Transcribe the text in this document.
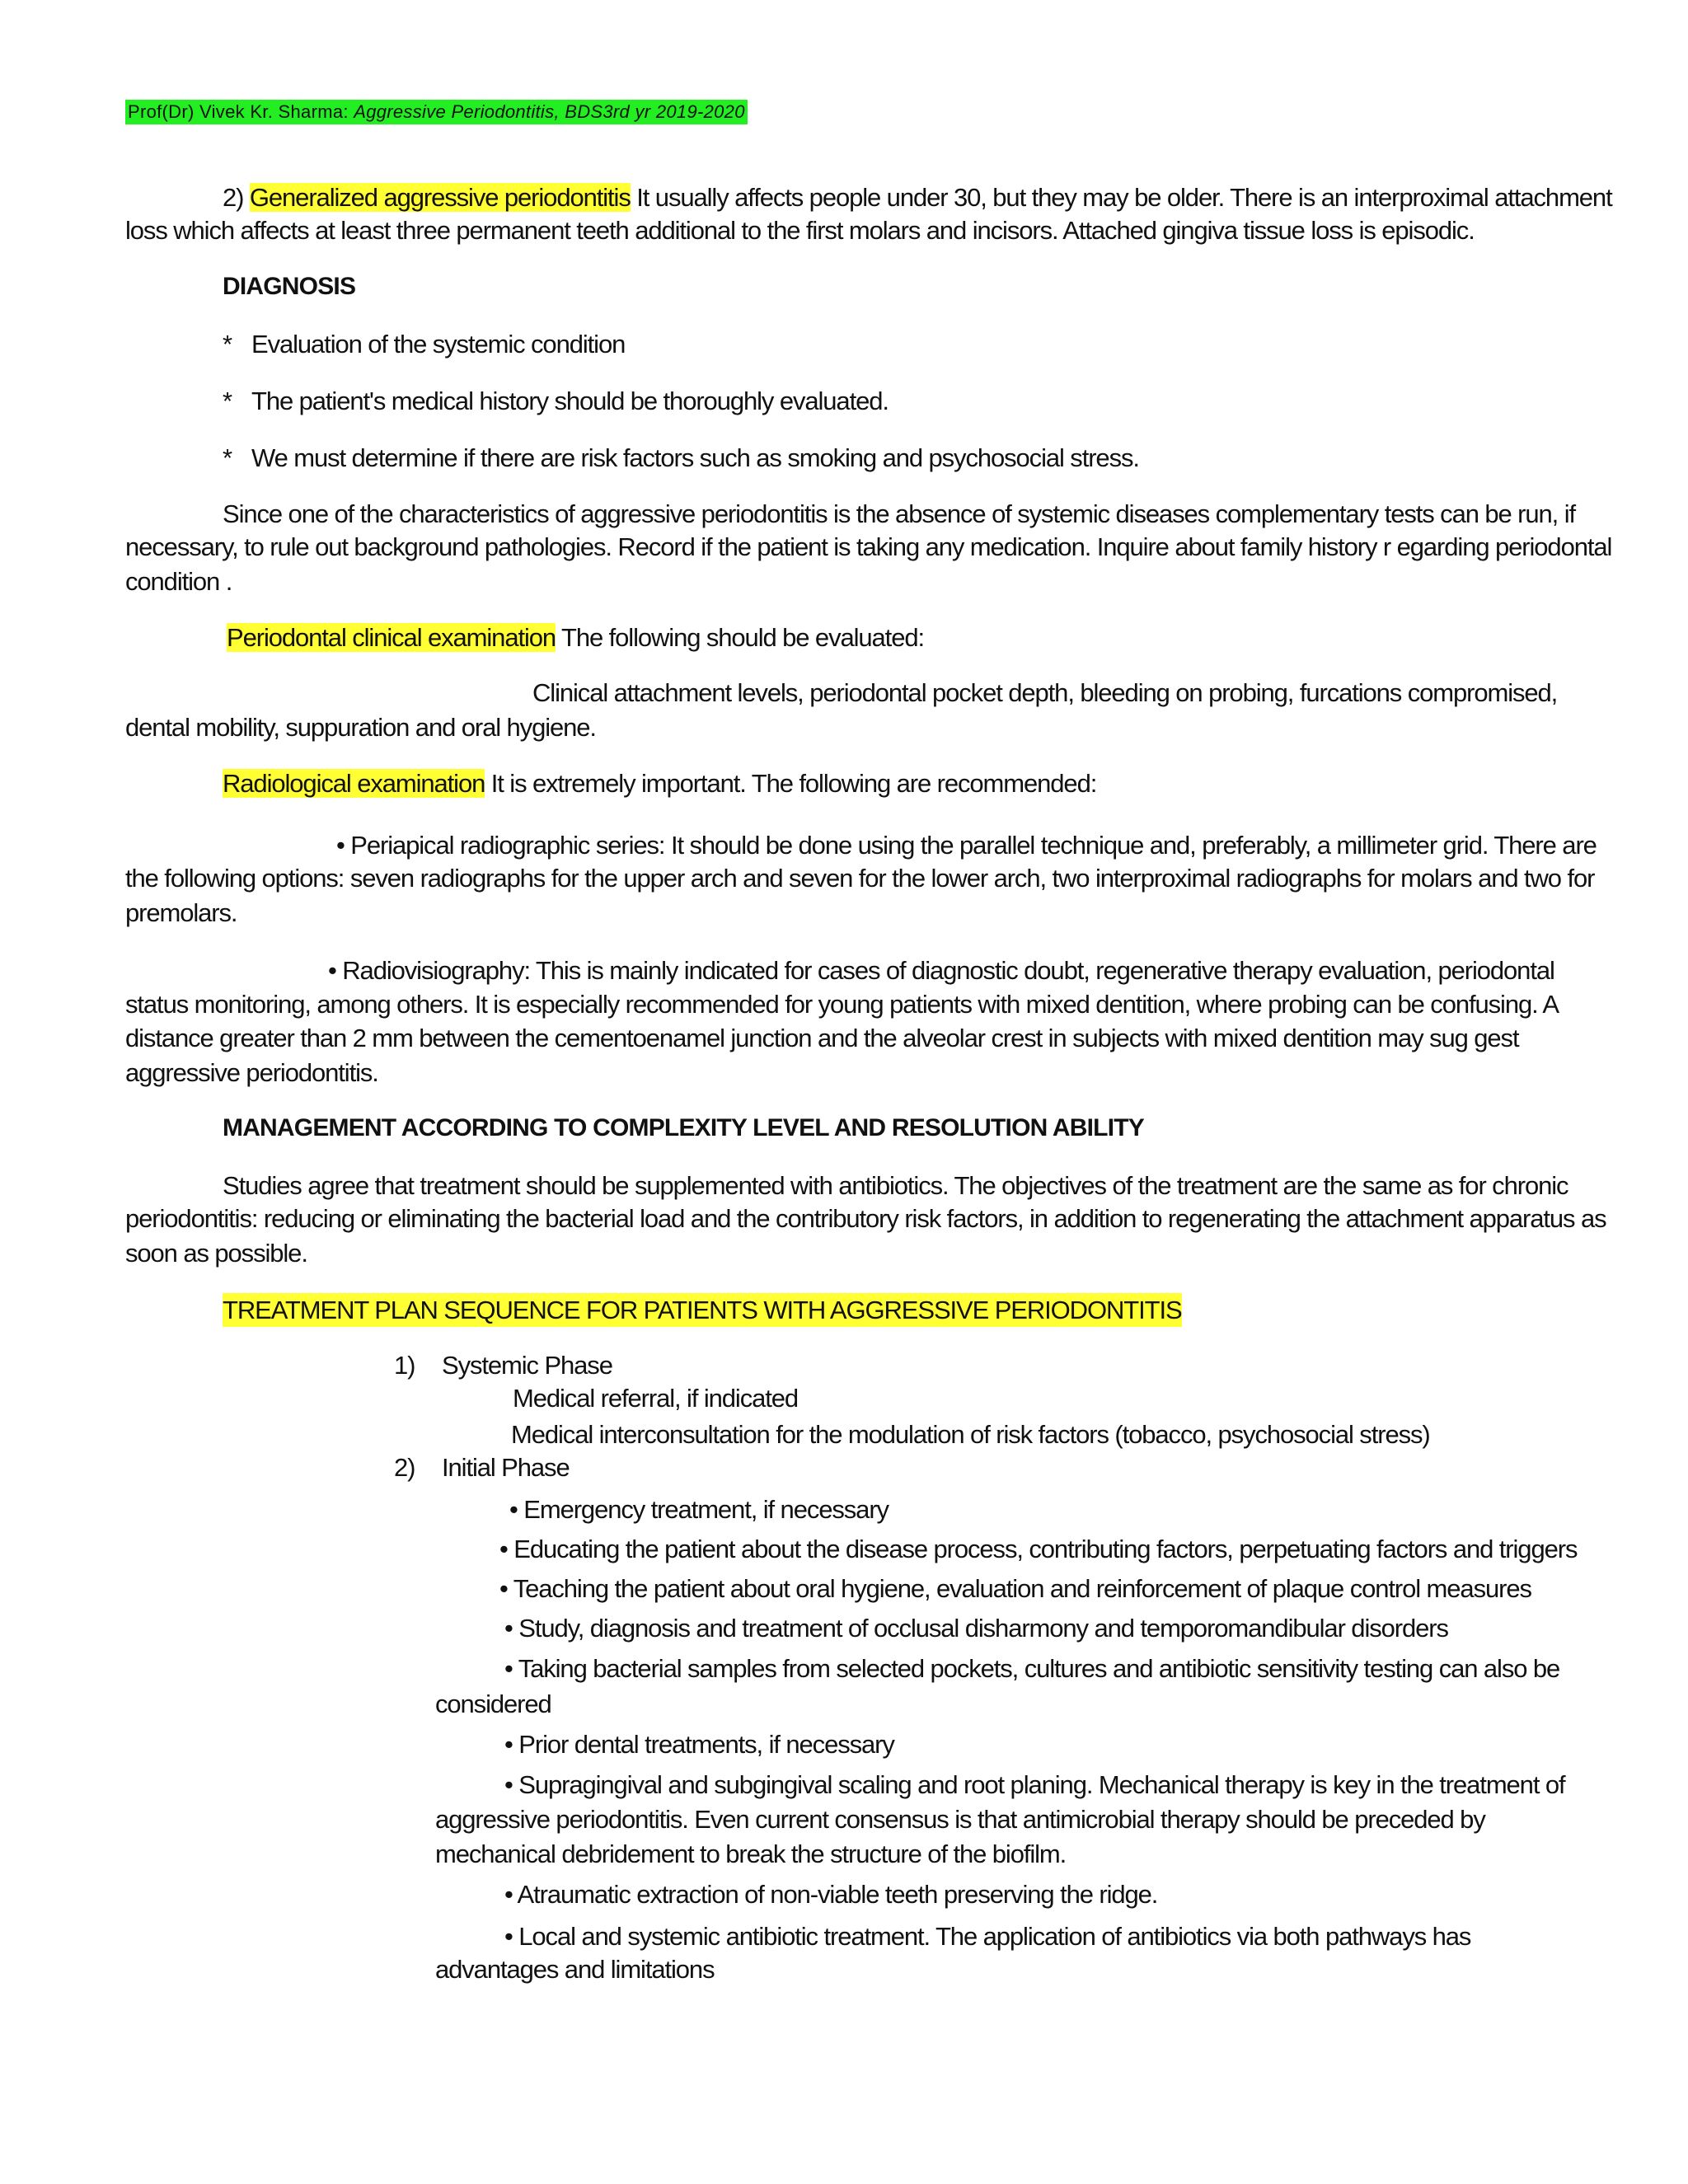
Prof(Dr) Vivek Kr. Sharma: Aggressive Periodontitis, BDS3rd yr 2019-2020
2) Generalized aggressive periodontitis It usually affects people under 30, but they may be older. There is an interproximal attachment
loss which affects at least three permanent teeth additional to the first molars and incisors. Attached gingiva tissue loss is episodic.
DIAGNOSIS
* Evaluation of the systemic condition
* The patient's medical history should be thoroughly evaluated.
* We must determine if there are risk factors such as smoking and psychosocial stress.
Since one of the characteristics of aggressive periodontitis is the absence of systemic diseases complementary tests can be run, if
necessary, to rule out background pathologies. Record if the patient is taking any medication. Inquire about family history r egarding periodontal
condition .
Periodontal clinical examination The following should be evaluated:
Clinical attachment levels, periodontal pocket depth, bleeding on probing, furcations compromised,
dental mobility, suppuration and oral hygiene.
Radiological examination It is extremely important. The following are recommended:
• Periapical radiographic series: It should be done using the parallel technique and, preferably, a millimeter grid. There are
the following options: seven radiographs for the upper arch and seven for the lower arch, two interproximal radiographs for molars and two for
premolars.
• Radiovisiography: This is mainly indicated for cases of diagnostic doubt, regenerative therapy evaluation, periodontal
status monitoring, among others. It is especially recommended for young patients with mixed dentition, where probing can be confusing. A
distance greater than 2 mm between the cementoenamel junction and the alveolar crest in subjects with mixed dentition may sug gest
aggressive periodontitis.
MANAGEMENT ACCORDING TO COMPLEXITY LEVEL AND RESOLUTION ABILITY
Studies agree that treatment should be supplemented with antibiotics. The objectives of the treatment are the same as for chronic
periodontitis: reducing or eliminating the bacterial load and the contributory risk factors, in addition to regenerating the attachment apparatus as
soon as possible.
TREATMENT PLAN SEQUENCE FOR PATIENTS WITH AGGRESSIVE PERIODONTITIS
1) Systemic Phase
Medical referral, if indicated
Medical interconsultation for the modulation of risk factors (tobacco, psychosocial stress)
2) Initial Phase
• Emergency treatment, if necessary
• Educating the patient about the disease process, contributing factors, perpetuating factors and triggers
• Teaching the patient about oral hygiene, evaluation and reinforcement of plaque control measures
• Study, diagnosis and treatment of occlusal disharmony and temporomandibular disorders
• Taking bacterial samples from selected pockets, cultures and antibiotic sensitivity testing can also be
considered
• Prior dental treatments, if necessary
• Supragingival and subgingival scaling and root planing. Mechanical therapy is key in the treatment of
aggressive periodontitis. Even current consensus is that antimicrobial therapy should be preceded by
mechanical debridement to break the structure of the biofilm.
• Atraumatic extraction of non-viable teeth preserving the ridge.
• Local and systemic antibiotic treatment. The application of antibiotics via both pathways has
advantages and limitations
